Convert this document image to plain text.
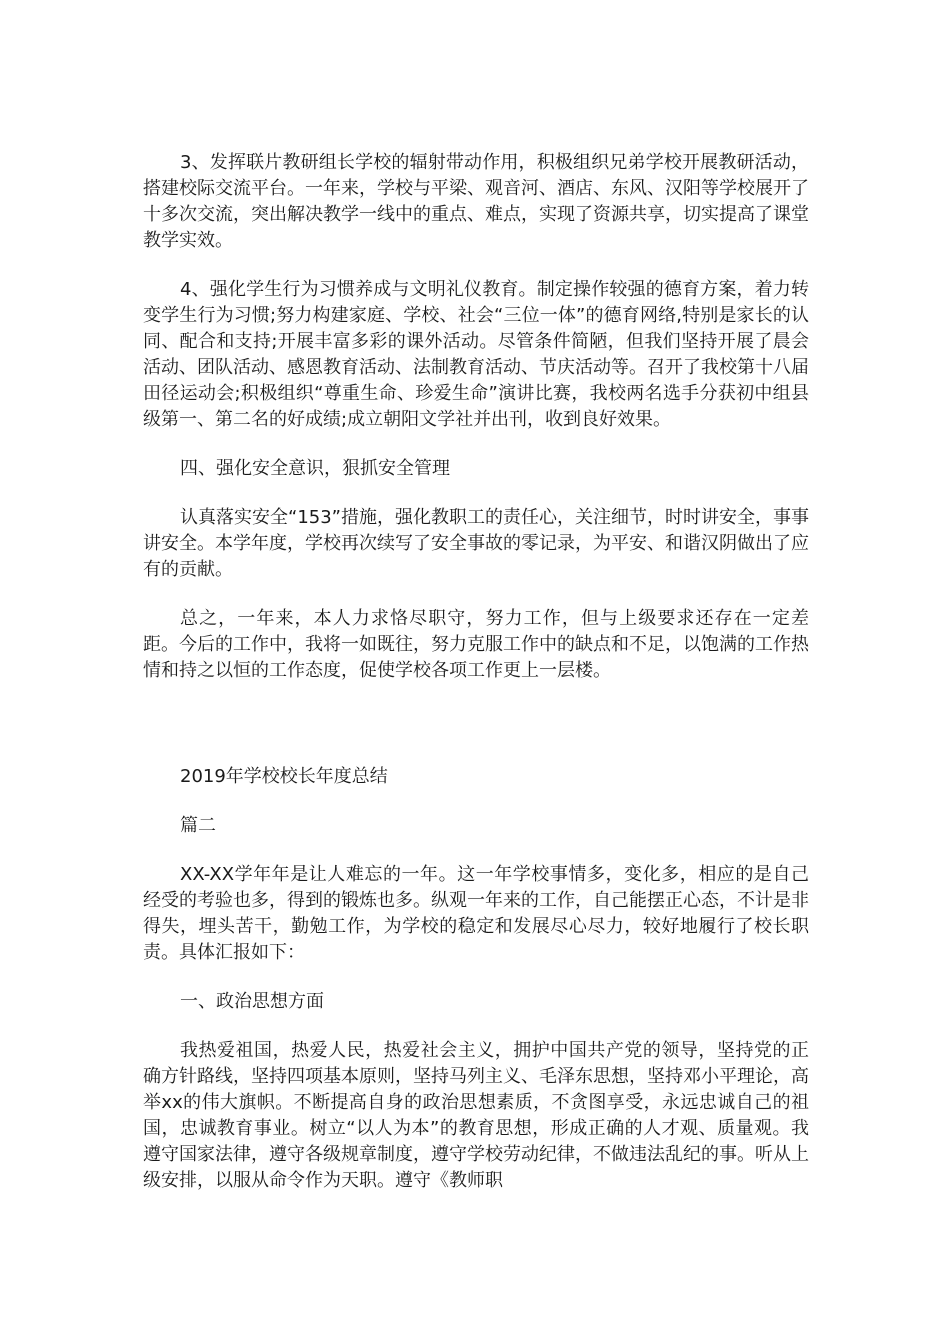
3、发挥联片教研组长学校的辐射带动作用，积极组织兄弟学校开展教研活动，搭建校际交流平台。一年来，学校与平梁、观音河、酒店、东风、汉阳等学校展开了十多次交流，突出解决教学一线中的重点、难点，实现了资源共享，切实提高了课堂教学实效。

4、强化学生行为习惯养成与文明礼仪教育。制定操作较强的德育方案，着力转变学生行为习惯;努力构建家庭、学校、社会“三位一体”的德育网络,特别是家长的认同、配合和支持;开展丰富多彩的课外活动。尽管条件简陋，但我们坚持开展了晨会活动、团队活动、感恩教育活动、法制教育活动、节庆活动等。召开了我校第十八届田径运动会;积极组织“尊重生命、珍爱生命”演讲比赛，我校两名选手分获初中组县级第一、第二名的好成绩;成立朝阳文学社并出刊，收到良好效果。

四、强化安全意识，狠抓安全管理

认真落实安全“153”措施，强化教职工的责任心，关注细节，时时讲安全，事事讲安全。本学年度，学校再次续写了安全事故的零记录，为平安、和谐汉阴做出了应有的贡献。

总之，一年来，本人力求恪尽职守，努力工作，但与上级要求还存在一定差距。今后的工作中，我将一如既往，努力克服工作中的缺点和不足，以饱满的工作热情和持之以恒的工作态度，促使学校各项工作更上一层楼。

2019年学校校长年度总结

篇二

XX-XX学年年是让人难忘的一年。这一年学校事情多，变化多，相应的是自己经受的考验也多，得到的锻炼也多。纵观一年来的工作，自己能摆正心态，不计是非得失，埋头苦干，勤勉工作，为学校的稳定和发展尽心尽力，较好地履行了校长职责。具体汇报如下：

一、政治思想方面

我热爱祖国，热爱人民，热爱社会主义，拥护中国共产党的领导，坚持党的正确方针路线，坚持四项基本原则，坚持马列主义、毛泽东思想，坚持邓小平理论，高举xx的伟大旗帜。不断提高自身的政治思想素质，不贪图享受，永远忠诚自己的祖国，忠诚教育事业。树立“以人为本”的教育思想，形成正确的人才观、质量观。我遵守国家法律，遵守各级规章制度，遵守学校劳动纪律，不做违法乱纪的事。听从上级安排，以服从命令作为天职。遵守《教师职
